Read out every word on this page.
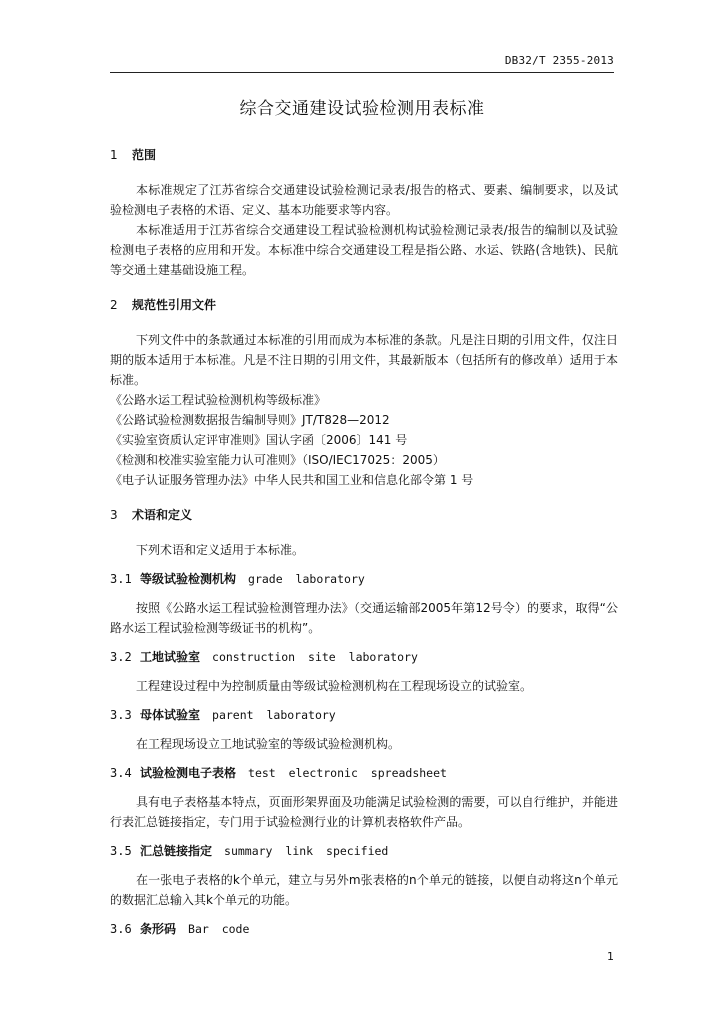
DB32/T 2355-2013
综合交通建设试验检测用表标准

1 范围

本标准规定了江苏省综合交通建设试验检测记录表/报告的格式、要素、编制要求，以及试验检测电子表格的术语、定义、基本功能要求等内容。

本标准适用于江苏省综合交通建设工程试验检测机构试验检测记录表/报告的编制以及试验检测电子表格的应用和开发。本标准中综合交通建设工程是指公路、水运、铁路(含地铁)、民航等交通土建基础设施工程。

2 规范性引用文件

下列文件中的条款通过本标准的引用而成为本标准的条款。凡是注日期的引用文件，仅注日期的版本适用于本标准。凡是不注日期的引用文件，其最新版本（包括所有的修改单）适用于本标准。

《公路水运工程试验检测机构等级标准》

《公路试验检测数据报告编制导则》JT/T828—2012

《实验室资质认定评审准则》国认字函〔2006〕141 号

《检测和校准实验室能力认可准则》（ISO/IEC17025：2005）

《电子认证服务管理办法》中华人民共和国工业和信息化部令第 1 号

3 术语和定义

下列术语和定义适用于本标准。

3.1 等级试验检测机构 grade laboratory

按照《公路水运工程试验检测管理办法》（交通运输部2005年第12号令）的要求，取得“公路水运工程试验检测等级证书的机构”。

3.2 工地试验室 construction site laboratory

工程建设过程中为控制质量由等级试验检测机构在工程现场设立的试验室。

3.3 母体试验室 parent laboratory

在工程现场设立工地试验室的等级试验检测机构。

3.4 试验检测电子表格 test electronic spreadsheet

具有电子表格基本特点，页面形架界面及功能满足试验检测的需要，可以自行维护，并能进行表汇总链接指定，专门用于试验检测行业的计算机表格软件产品。

3.5 汇总链接指定 summary link specified

在一张电子表格的k个单元，建立与另外m张表格的n个单元的链接，以便自动将这n个单元的数据汇总输入其k个单元的功能。

3.6 条形码 Bar code

1
